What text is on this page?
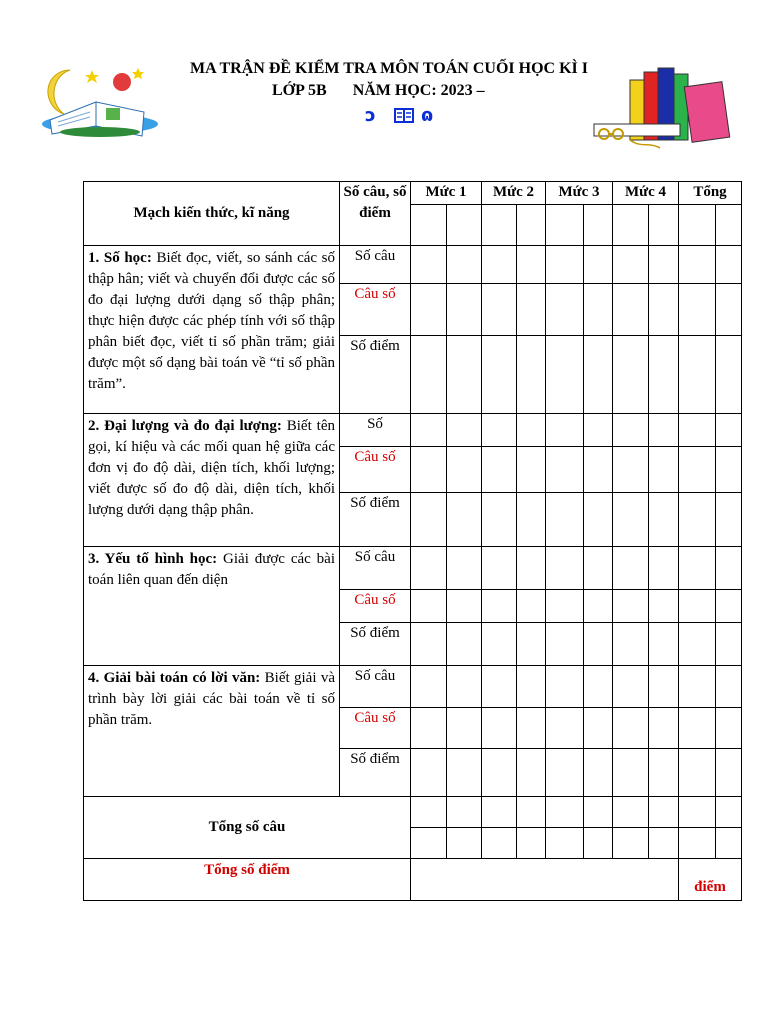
MA TRẬN ĐỀ KIỂM TRA MÔN TOÁN CUỐI HỌC KÌ I
LỚP 5B NĂM HỌC: 2023 –
ↄ	ɷ
Mạch kiến thức, kĩ năng	Số câu, số điểm	Mức 1		Mức 2		Mức 3		Mức 4		Tổng	

1. Số học: Biết đọc, viết, so sánh các số thập hân; viết và chuyển đổi được các số đo đại lượng dưới dạng số thập phân; thực hiện được các phép tính với số thập phân biết đọc, viết tỉ số phần trăm; giải được một số dạng bài toán về “tỉ số phần trăm”.	Số câu										
	Câu số										
	Số điểm										
2. Đại lượng và đo đại lượng: Biết tên gọi, kí hiệu và các mối quan hệ giữa các đơn vị đo độ dài, diện tích, khối lượng; viết được số đo độ dài, diện tích, khối lượng dưới dạng thập phân.	Số										
	Câu số										
	Số điểm										
3. Yếu tố hình học: Giải được các bài toán liên quan đến diện	Số câu										
	Câu số										
	Số điểm										
4. Giải bài toán có lời văn: Biết giải và trình bày lời giải các bài toán về tỉ số phần trăm.	Số câu										
	Câu số										
	Số điểm										
Tổng số câu											

Tổng số điểm										điểm	
